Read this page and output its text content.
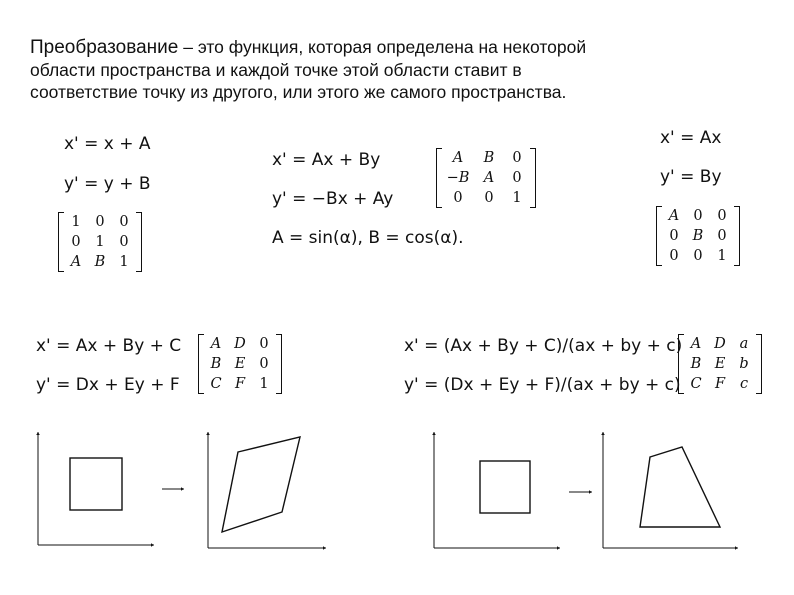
Преобразование – это функция, которая определена на некоторой области пространства и каждой точке этой области ставит в соответствие точку из другого, или этого же самого пространства.
x' = x + A
y' = y + B
1	0	0
0	1	0
A B 1
x' = Ax + By
y' = −Bx + Ay
A = sin(α), B = cos(α).
A	B	0
−B A	0
0	0	1
x' = Ax
y' = By
A 0	0
0 B 0
0	0	1
x' = Ax + By + C
y' = Dx + Ey + F
A D 0
B E 0
C F 1
x' = (Ax + By + C)/(ax + by + c)
y' = (Dx + Ey + F)/(ax + by + c)
A D a
B E b
C F	c
